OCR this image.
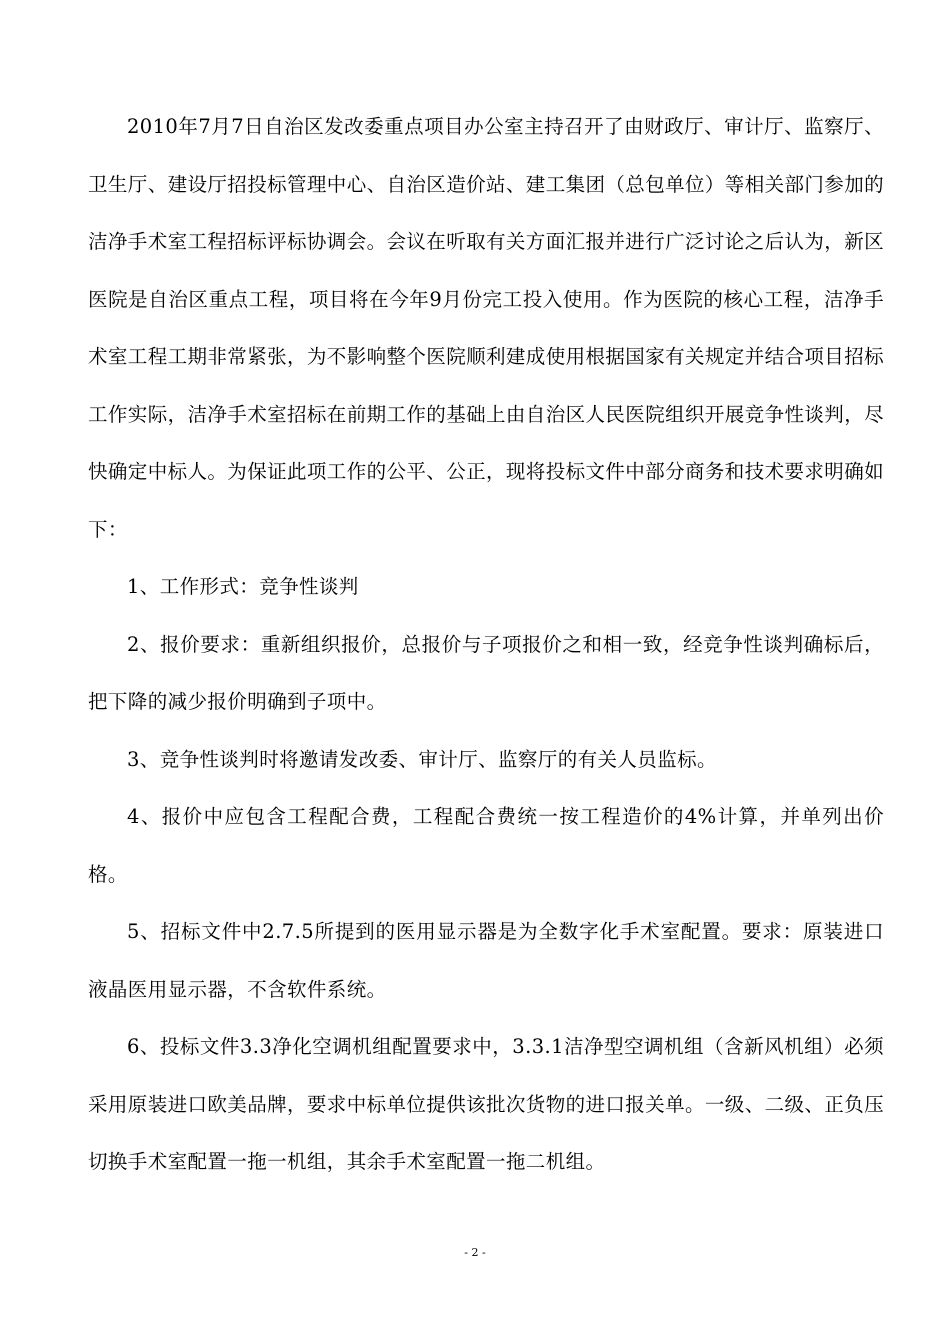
2010年7月7日自治区发改委重点项目办公室主持召开了由财政厅、审计厅、监察厅、卫生厅、建设厅招投标管理中心、自治区造价站、建工集团（总包单位）等相关部门参加的洁净手术室工程招标评标协调会。会议在听取有关方面汇报并进行广泛讨论之后认为，新区医院是自治区重点工程，项目将在今年9月份完工投入使用。作为医院的核心工程，洁净手术室工程工期非常紧张，为不影响整个医院顺利建成使用根据国家有关规定并结合项目招标工作实际，洁净手术室招标在前期工作的基础上由自治区人民医院组织开展竞争性谈判，尽快确定中标人。为保证此项工作的公平、公正，现将投标文件中部分商务和技术要求明确如下：

1、工作形式：竞争性谈判

2、报价要求：重新组织报价，总报价与子项报价之和相一致，经竞争性谈判确标后，把下降的减少报价明确到子项中。

3、竞争性谈判时将邀请发改委、审计厅、监察厅的有关人员监标。

4、报价中应包含工程配合费，工程配合费统一按工程造价的4%计算，并单列出价格。

5、招标文件中2.7.5所提到的医用显示器是为全数字化手术室配置。要求：原装进口液晶医用显示器，不含软件系统。

6、投标文件3.3净化空调机组配置要求中，3.3.1洁净型空调机组（含新风机组）必须采用原装进口欧美品牌，要求中标单位提供该批次货物的进口报关单。一级、二级、正负压切换手术室配置一拖一机组，其余手术室配置一拖二机组。

- 2 -
